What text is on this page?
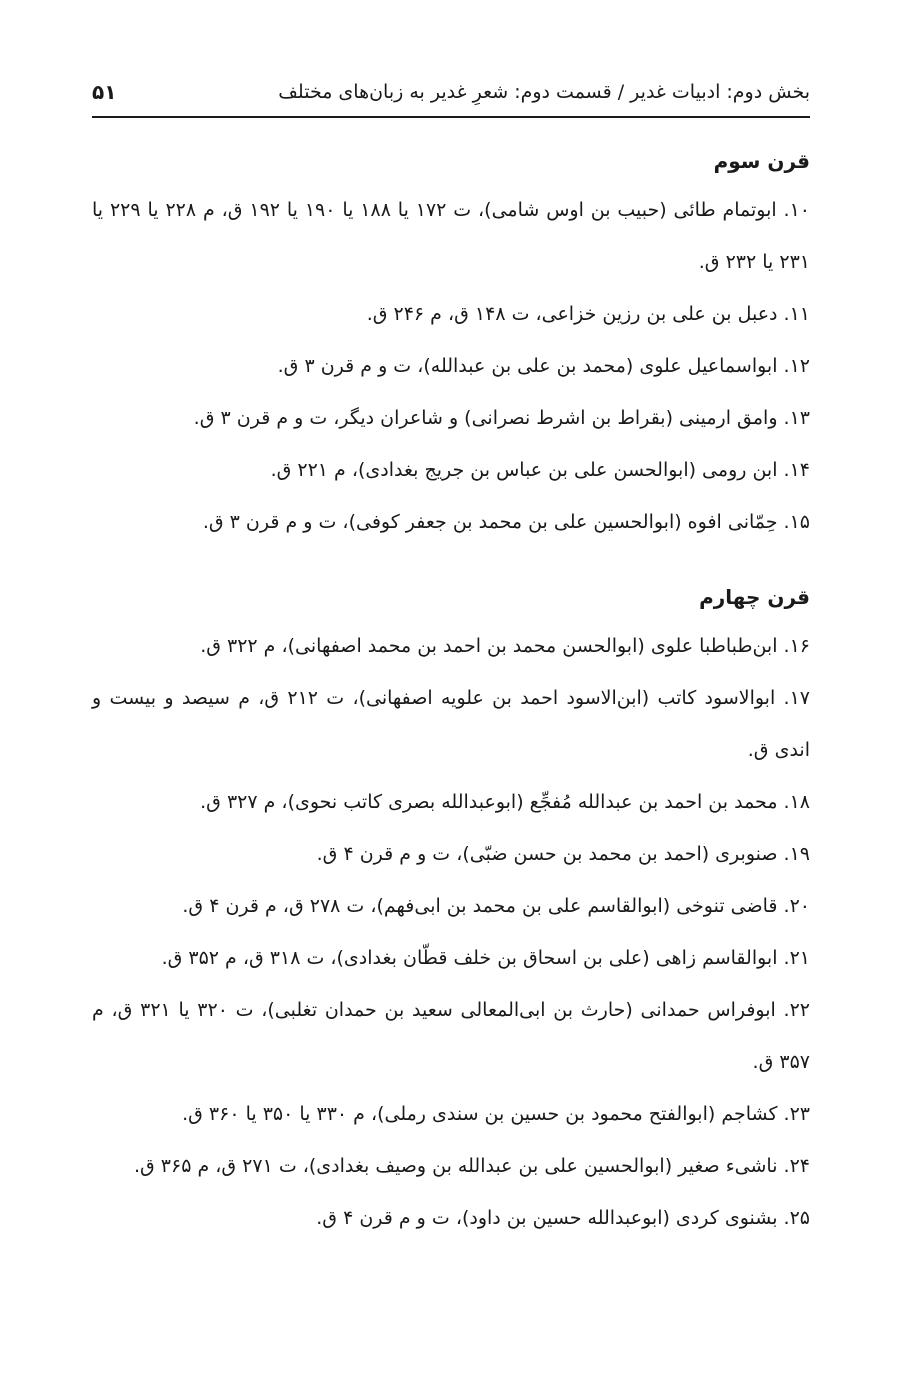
بخش دوم: ادبیات غدیر / قسمت دوم: شعرِ غدیر به زبان‌های مختلف
۵۱
قرن سوم
۱۰. ابوتمام طائی (حبیب بن اوس شامی)، ت ۱۷۲ یا ۱۸۸ یا ۱۹۰ یا ۱۹۲ ق، م ۲۲۸ یا ۲۲۹ یا ۲۳۱ یا ۲۳۲ ق.
۱۱. دعبل بن علی بن رزین خزاعی، ت ۱۴۸ ق، م ۲۴۶ ق.
۱۲. ابواسماعیل علوی (محمد بن علی بن عبدالله)، ت و م قرن ۳ ق.
۱۳. وامق ارمینی (بقراط بن اشرط نصرانی) و شاعران دیگر، ت و م قرن ۳ ق.
۱۴. ابن رومی (ابوالحسن علی بن عباس بن جریج بغدادی)، م ۲۲۱ ق.
۱۵. حِمّانی افوه (ابوالحسین علی بن محمد بن جعفر کوفی)، ت و م قرن ۳ ق.
قرن چهارم
۱۶. ابن‌طباطبا علوی (ابوالحسن محمد بن احمد بن محمد اصفهانی)، م ۳۲۲ ق.
۱۷. ابوالاسود کاتب (ابن‌الاسود احمد بن علویه اصفهانی)، ت ۲۱۲ ق، م سیصد و بیست و اندی ق.
۱۸. محمد بن احمد بن عبدالله مُفجِّع (ابوعبدالله بصری کاتب نحوی)، م ۳۲۷ ق.
۱۹. صنوبری (احمد بن محمد بن حسن ضبّی)، ت و م قرن ۴ ق.
۲۰. قاضی تنوخی (ابوالقاسم علی بن محمد بن ابی‌فهم)، ت ۲۷۸ ق، م قرن ۴ ق.
۲۱. ابوالقاسم زاهی (علی بن اسحاق بن خلف قطّان بغدادی)، ت ۳۱۸ ق، م ۳۵۲ ق.
۲۲. ابوفراس حمدانی (حارث بن ابی‌المعالی سعید بن حمدان تغلبی)، ت ۳۲۰ یا ۳۲۱ ق، م ۳۵۷ ق.
۲۳. کشاجم (ابوالفتح محمود بن حسین بن سندی رملی)، م ۳۳۰ یا ۳۵۰ یا ۳۶۰ ق.
۲۴. ناشیء صغیر (ابوالحسین علی بن عبدالله بن وصیف بغدادی)، ت ۲۷۱ ق، م ۳۶۵ ق.
۲۵. بشنوی کردی (ابوعبدالله حسین بن داود)، ت و م قرن ۴ ق.
